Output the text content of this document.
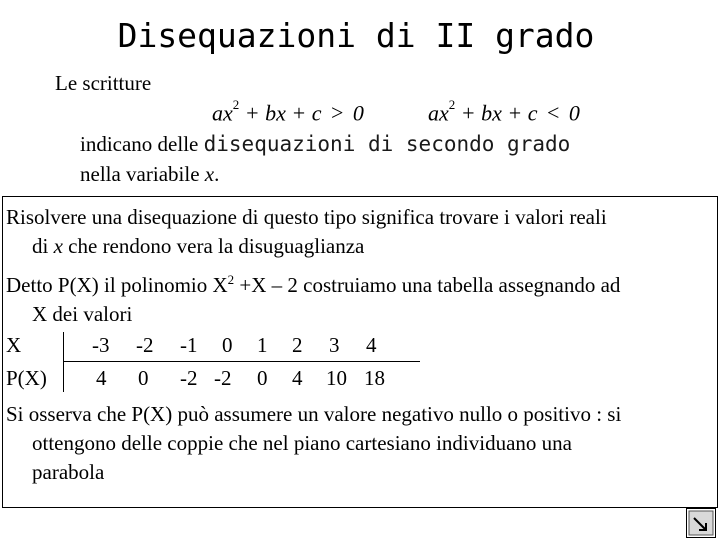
Disequazioni di II grado
Le scritture
$ax^2$ + bx + c > 0	$ax^2$ + bx + c < 0
indicano delle disequazioni di secondo grado
nella variabile x.
Risolvere una disequazione di questo tipo significa trovare i valori reali
di x che rendono vera la disuguaglianza
Detto P(X) il polinomio $X^2 +X - 2$ costruiamo una tabella assegnando ad
X dei valori
X	-3 -2 -1 0 1 2 3 4
P(X) 4 0 -2 -2 0 4 10 18
Si osserva che P(X) può assumere un valore negativo nullo o positivo : si
ottengono delle coppie che nel piano cartesiano individuano una
parabola
